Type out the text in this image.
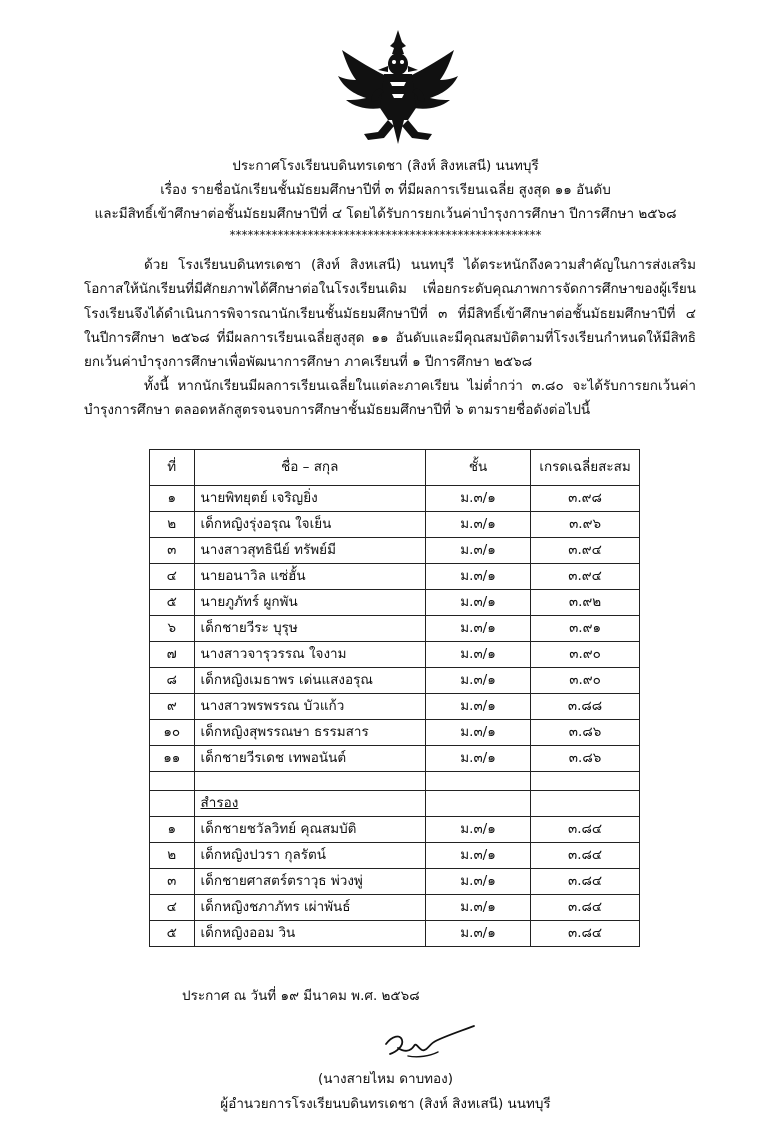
ประกาศโรงเรียนบดินทรเดชา (สิงห์ สิงหเสนี) นนทบุรี
เรื่อง รายชื่อนักเรียนชั้นมัธยมศึกษาปีที่ ๓ ที่มีผลการเรียนเฉลี่ย สูงสุด ๑๑ อันดับ
และมีสิทธิ์เข้าศึกษาต่อชั้นมัธยมศึกษาปีที่ ๔ โดยได้รับการยกเว้นค่าบำรุงการศึกษา ปีการศึกษา ๒๕๖๘
****************************************************
ด้วย โรงเรียนบดินทรเดชา (สิงห์ สิงหเสนี) นนทบุรี ได้ตระหนักถึงความสำคัญในการส่งเสริมโอกาสให้นักเรียนที่มีศักยภาพได้ศึกษาต่อในโรงเรียนเดิม เพื่อยกระดับคุณภาพการจัดการศึกษาของผู้เรียน โรงเรียนจึงได้ดำเนินการพิจารณานักเรียนชั้นมัธยมศึกษาปีที่ ๓ ที่มีสิทธิ์เข้าศึกษาต่อชั้นมัธยมศึกษาปีที่ ๔ ในปีการศึกษา ๒๕๖๘ ที่มีผลการเรียนเฉลี่ยสูงสุด ๑๑ อันดับและมีคุณสมบัติตามที่โรงเรียนกำหนดให้มีสิทธิยกเว้นค่าบำรุงการศึกษาเพื่อพัฒนาการศึกษา ภาคเรียนที่ ๑ ปีการศึกษา ๒๕๖๘
ทั้งนี้ หากนักเรียนมีผลการเรียนเฉลี่ยในแต่ละภาคเรียน ไม่ต่ำกว่า ๓.๘๐ จะได้รับการยกเว้นค่าบำรุงการศึกษา ตลอดหลักสูตรจนจบการศึกษาชั้นมัธยมศึกษาปีที่ ๖ ตามรายชื่อดังต่อไปนี้
ที่	ชื่อ – สกุล	ชั้น	เกรดเฉลี่ยสะสม
๑	นายพิทยุตย์ เจริญยิ่ง	ม.๓/๑	๓.๙๘
๒	เด็กหญิงรุ่งอรุณ ใจเย็น	ม.๓/๑	๓.๙๖
๓	นางสาวสุทธินีย์ ทรัพย์มี	ม.๓/๑	๓.๙๔
๔	นายอนาวิล แซ่ฮั้น	ม.๓/๑	๓.๙๔
๕	นายภูภัทร์ ผูกพัน	ม.๓/๑	๓.๙๒
๖	เด็กชายวีระ บุรุษ	ม.๓/๑	๓.๙๑
๗	นางสาวจารุวรรณ ใจงาม	ม.๓/๑	๓.๙๐
๘	เด็กหญิงเมธาพร เด่นแสงอรุณ	ม.๓/๑	๓.๙๐
๙	นางสาวพรพรรณ บัวแก้ว	ม.๓/๑	๓.๘๘
๑๐	เด็กหญิงสุพรรณษา ธรรมสาร	ม.๓/๑	๓.๘๖
๑๑	เด็กชายวีรเดช เทพอนันต์	ม.๓/๑	๓.๘๖

	สำรอง		
๑	เด็กชายชวัลวิทย์ คุณสมบัติ	ม.๓/๑	๓.๘๔
๒	เด็กหญิงปวรา กุลรัตน์	ม.๓/๑	๓.๘๔
๓	เด็กชายศาสตร์ตราวุธ พ่วงพู่	ม.๓/๑	๓.๘๔
๔	เด็กหญิงชภาภัทร เผ่าพันธ์	ม.๓/๑	๓.๘๔
๕	เด็กหญิงออม วิน	ม.๓/๑	๓.๘๔
ประกาศ ณ วันที่ ๑๙ มีนาคม พ.ศ. ๒๕๖๘
(นางสายไหม ดาบทอง)
ผู้อำนวยการโรงเรียนบดินทรเดชา (สิงห์ สิงหเสนี) นนทบุรี
